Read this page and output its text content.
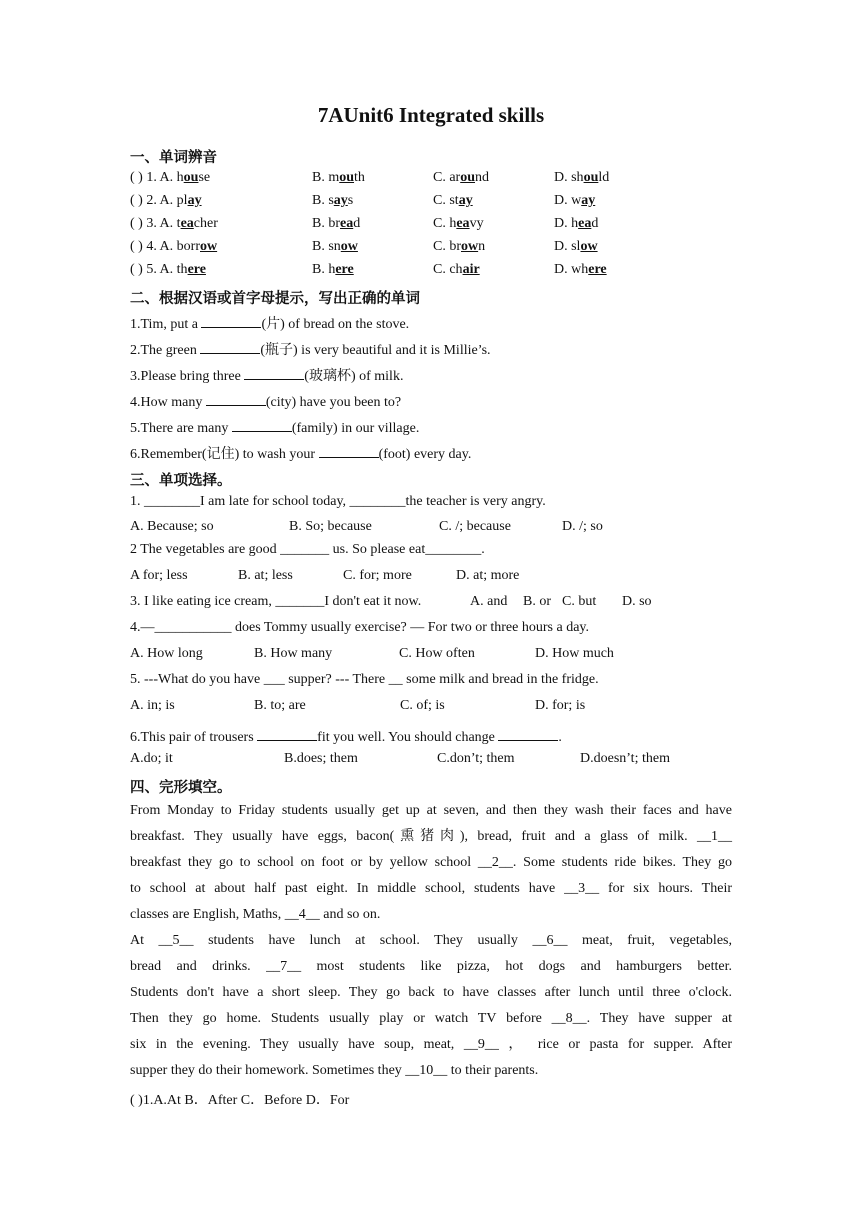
7AUnit6 Integrated skills
一、单词辨音
( ) 1. A. house	B. mouth	C. around	D. should
( ) 2. A. play	B. says	C. stay	D. way
( ) 3. A. teacher	B. bread	C. heavy	D. head
( ) 4. A. borrow	B. snow	C. brown	D. slow
( ) 5. A. there	B. here	C. chair	D. where
二、根据汉语或首字母提示，写出正确的单词
1.Tim, put a	(片) of bread on the stove.
2.The green	(瓶子) is very beautiful and it is Millie’s.
3.Please bring three	(玻璃杯) of milk.
4.How many	(city) have you been to?
5.There are many	(family) in our village.
6.Remember(记住) to wash your	(foot) every day.
三、单项选择。
1. ________I am late for school today, ________the teacher is very angry.
A. Because; so	B. So; because	C. /; because	D. /; so
2 The vegetables are good _______ us. So please eat________.
A for; less	B. at; less	C. for; more	D. at; more
3. I like eating ice cream, _______I don't eat it now.	A. and B. or C. but D. so
4.—___________ does Tommy usually exercise? — For two or three hours a day.
A. How long	B. How many	C. How often	D. How much
5. ---What do you have ___ supper? --- There __ some milk and bread in the fridge.
A. in; is	B. to; are	C. of; is	D. for; is
6.This pair of trousers	fit you well. You should change	.
A.do; it	B.does; them	C.don’t; them	D.doesn’t; them
四、完形填空。
From Monday to Friday students usually get up at seven, and then they wash their faces and have
breakfast. They usually have eggs, bacon(熏猪肉), bread, fruit and a glass of milk. __1__
breakfast they go to school on foot or by yellow school __2__. Some students ride bikes. They go
to school at about half past eight. In middle school, students have __3__ for six hours. Their
classes are English, Maths, __4__ and so on.
At __5__ students have lunch at school. They usually __6__ meat, fruit, vegetables,
bread and drinks. __7__ most students like pizza, hot dogs and hamburgers better.
Students don't have a short sleep. They go back to have classes after lunch until three o'clock.
Then they go home. Students usually play or watch TV before __8__. They have supper at
six in the evening. They usually have soup, meat, __9__ ， rice or pasta for supper. After
supper they do their homework. Sometimes they __10__ to their parents.
( )1.A.At B．After C．Before D．For
